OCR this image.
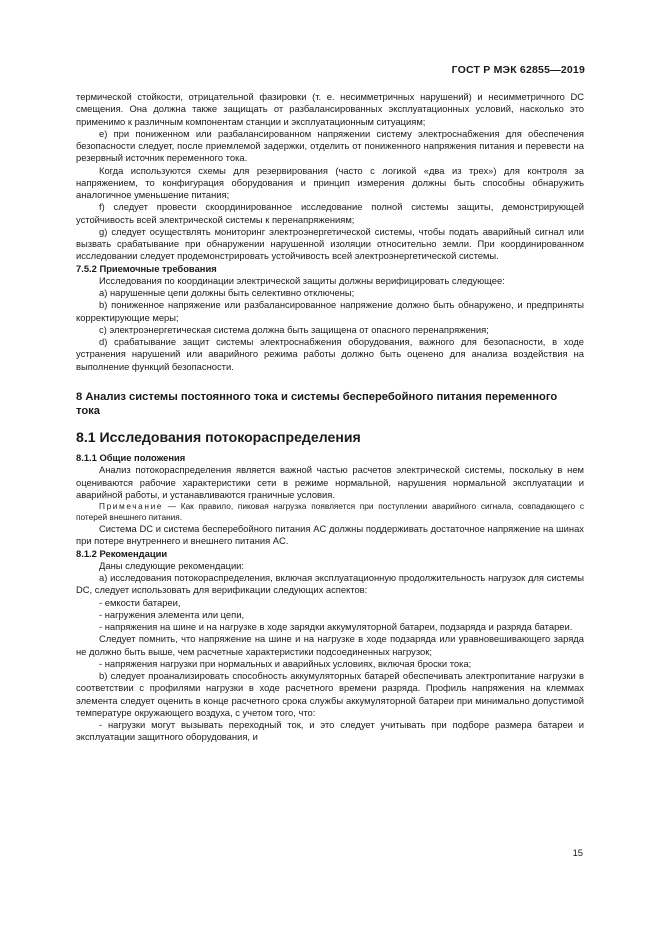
ГОСТ Р МЭК 62855—2019

термической стойкости, отрицательной фазировки (т. е. несимметричных нарушений) и несимметричного DC смещения. Она должна также защищать от разбалансированных эксплуатационных условий, насколько это применимо к различным компонентам станции и эксплуатационным ситуациям;

e) при пониженном или разбалансированном напряжении систему электроснабжения для обеспечения безопасности следует, после приемлемой задержки, отделить от пониженного напряжения питания и перевести на резервный источник переменного тока.

Когда используются схемы для резервирования (часто с логикой «два из трех») для контроля за напряжением, то конфигурация оборудования и принцип измерения должны быть способны обнаружить аналогичное уменьшение питания;

f) следует провести скоординированное исследование полной системы защиты, демонстрирующей устойчивость всей электрической системы к перенапряжениям;

g) следует осуществлять мониторинг электроэнергетической системы, чтобы подать аварийный сигнал или вызвать срабатывание при обнаружении нарушенной изоляции относительно земли. При координированном исследовании следует продемонстрировать устойчивость всей электроэнергетической системы.

7.5.2 Приемочные требования

Исследования по координации электрической защиты должны верифицировать следующее:

a) нарушенные цепи должны быть селективно отключены;

b) пониженное напряжение или разбалансированное напряжение должно быть обнаружено, и предприняты корректирующие меры;

c) электроэнергетическая система должна быть защищена от опасного перенапряжения;

d) срабатывание защит системы электроснабжения оборудования, важного для безопасности, в ходе устранения нарушений или аварийного режима работы должно быть оценено для анализа воздействия на выполнение функций безопасности.

8 Анализ системы постоянного тока и системы бесперебойного питания переменного тока
8.1 Исследования потокораспределения
8.1.1 Общие положения

Анализ потокораспределения является важной частью расчетов электрической системы, поскольку в нем оцениваются рабочие характеристики сети в режиме нормальной, нарушения нормальной эксплуатации и аварийной работы, и устанавливаются граничные условия.

Примечание — Как правило, пиковая нагрузка появляется при поступлении аварийного сигнала, совпадающего с потерей внешнего питания.

Система DC и система бесперебойного питания AC должны поддерживать достаточное напряжение на шинах при потере внутреннего и внешнего питания AC.

8.1.2 Рекомендации

Даны следующие рекомендации:

a) исследования потокораспределения, включая эксплуатационную продолжительность нагрузок для системы DC, следует использовать для верификации следующих аспектов:

- емкости батареи,

- нагружения элемента или цепи,

- напряжения на шине и на нагрузке в ходе зарядки аккумуляторной батареи, подзаряда и разряда батареи.

Следует помнить, что напряжение на шине и на нагрузке в ходе подзаряда или уравновешивающего заряда не должно быть выше, чем расчетные характеристики подсоединенных нагрузок;

- напряжения нагрузки при нормальных и аварийных условиях, включая броски тока;

b) следует проанализировать способность аккумуляторных батарей обеспечивать электропитание нагрузки в соответствии с профилями нагрузки в ходе расчетного времени разряда. Профиль напряжения на клеммах элемента следует оценить в конце расчетного срока службы аккумуляторной батареи при минимально допустимой температуре окружающего воздуха, с учетом того, что:

- нагрузки могут вызывать переходный ток, и это следует учитывать при подборе размера батареи и эксплуатации защитного оборудования, и

15
